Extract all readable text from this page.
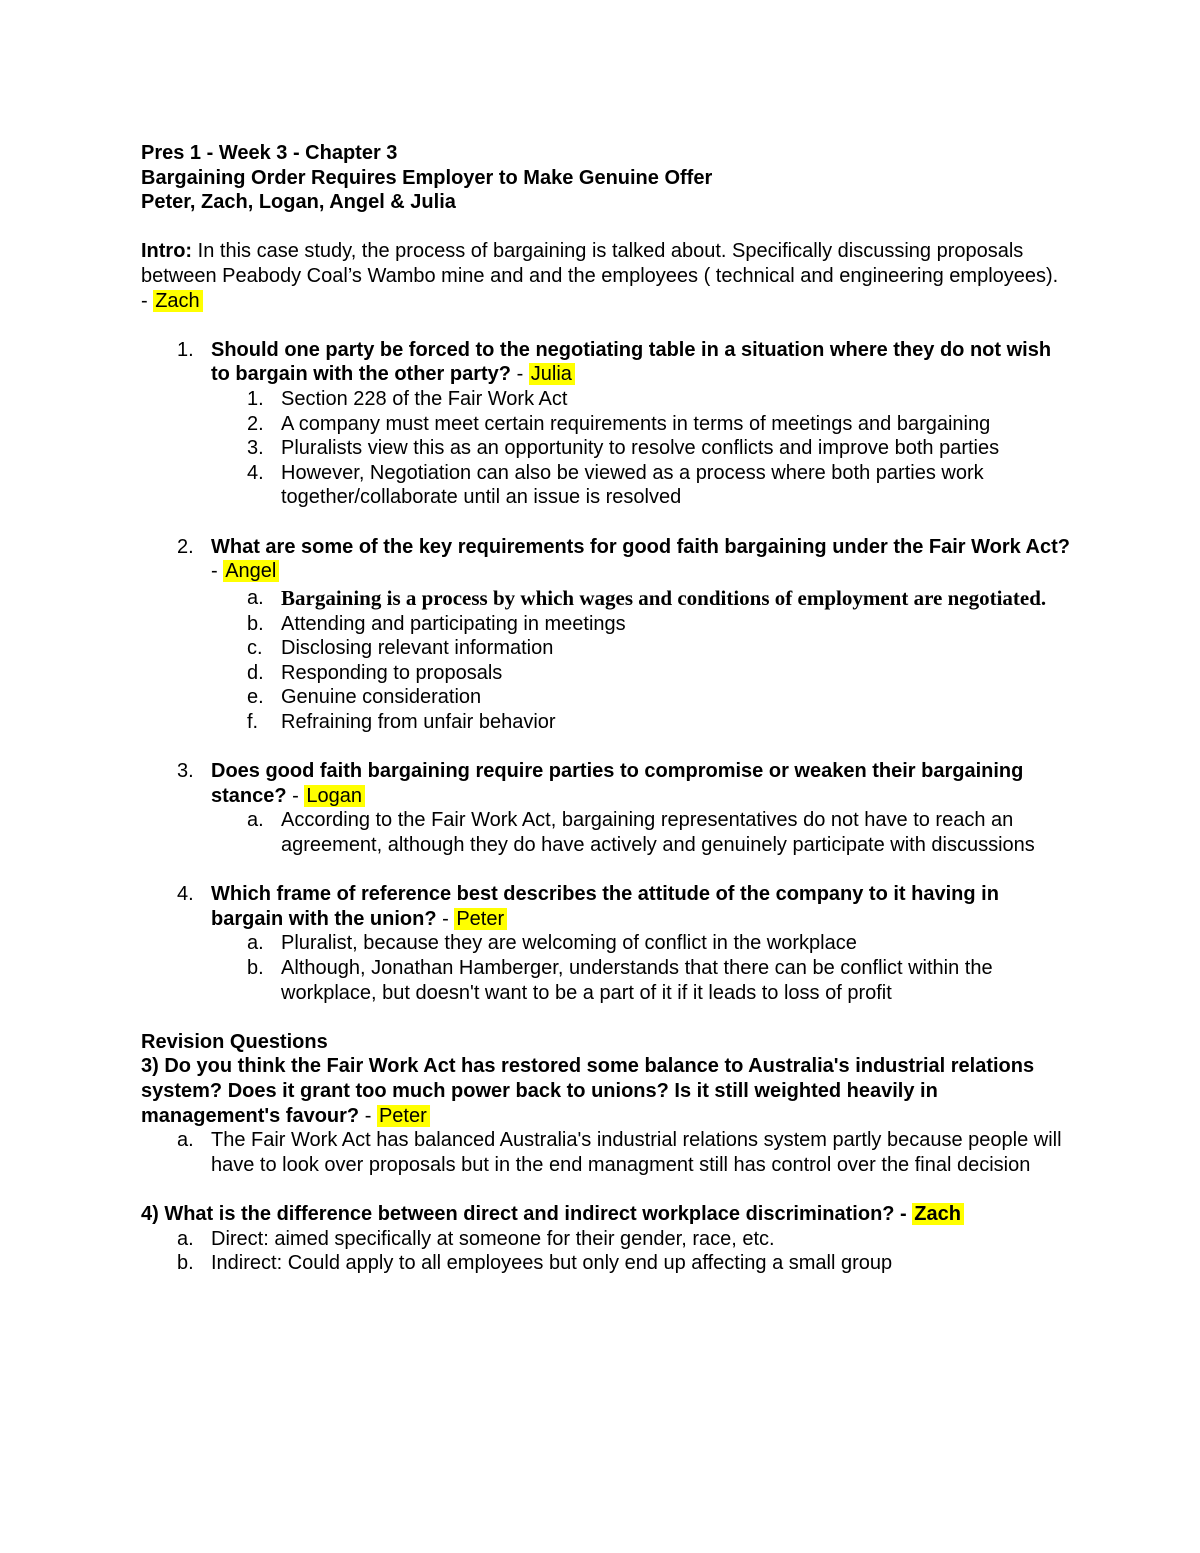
Pres 1 - Week 3 - Chapter 3
Bargaining Order Requires Employer to Make Genuine Offer
Peter, Zach, Logan, Angel & Julia
Intro: In this case study, the process of bargaining is talked about. Specifically discussing proposals between Peabody Coal’s Wambo mine and and the employees ( technical and engineering employees).
- Zach
1. Should one party be forced to the negotiating table in a situation where they do not wish to bargain with the other party? - Julia
1. Section 228 of the Fair Work Act
2. A company must meet certain requirements in terms of meetings and bargaining
3. Pluralists view this as an opportunity to resolve conflicts and improve both parties
4. However, Negotiation can also be viewed as a process where both parties work together/collaborate until an issue is resolved
2. What are some of the key requirements for good faith bargaining under the Fair Work Act? - Angel
a. Bargaining is a process by which wages and conditions of employment are negotiated.
b. Attending and participating in meetings
c. Disclosing relevant information
d. Responding to proposals
e. Genuine consideration
f. Refraining from unfair behavior
3. Does good faith bargaining require parties to compromise or weaken their bargaining stance? - Logan
a. According to the Fair Work Act, bargaining representatives do not have to reach an agreement, although they do have actively and genuinely participate with discussions
4. Which frame of reference best describes the attitude of the company to it having in bargain with the union? - Peter
a. Pluralist, because they are welcoming of conflict in the workplace
b. Although, Jonathan Hamberger, understands that there can be conflict within the workplace, but doesn't want to be a part of it if it leads to loss of profit
Revision Questions
3) Do you think the Fair Work Act has restored some balance to Australia's industrial relations system? Does it grant too much power back to unions? Is it still weighted heavily in management's favour? - Peter
a. The Fair Work Act has balanced Australia's industrial relations system partly because people will have to look over proposals but in the end managment still has control over the final decision
4) What is the difference between direct and indirect workplace discrimination? - Zach
a. Direct: aimed specifically at someone for their gender, race, etc.
b. Indirect: Could apply to all employees but only end up affecting a small group
